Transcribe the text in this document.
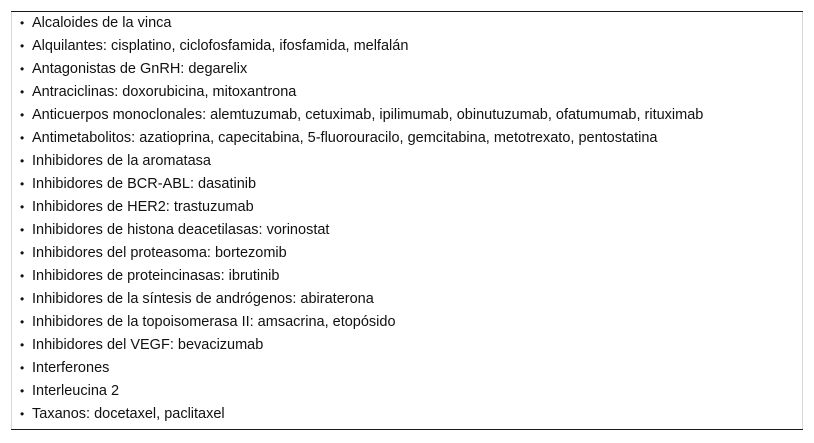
• Alcaloides de la vinca
• Alquilantes: cisplatino, ciclofosfamida, ifosfamida, melfalán
• Antagonistas de GnRH: degarelix
• Antraciclinas: doxorubicina, mitoxantrona
• Anticuerpos monoclonales: alemtuzumab, cetuximab, ipilimumab, obinutuzumab, ofatumumab, rituximab
• Antimetabolitos: azatioprina, capecitabina, 5-fluorouracilo, gemcitabina, metotrexato, pentostatina
• Inhibidores de la aromatasa
• Inhibidores de BCR-ABL: dasatinib
• Inhibidores de HER2: trastuzumab
• Inhibidores de histona deacetilasas: vorinostat
• Inhibidores del proteasoma: bortezomib
• Inhibidores de proteincinasas: ibrutinib
• Inhibidores de la síntesis de andrógenos: abiraterona
• Inhibidores de la topoisomerasa II: amsacrina, etopósido
• Inhibidores del VEGF: bevacizumab
• Interferones
• Interleucina 2
• Taxanos: docetaxel, paclitaxel
